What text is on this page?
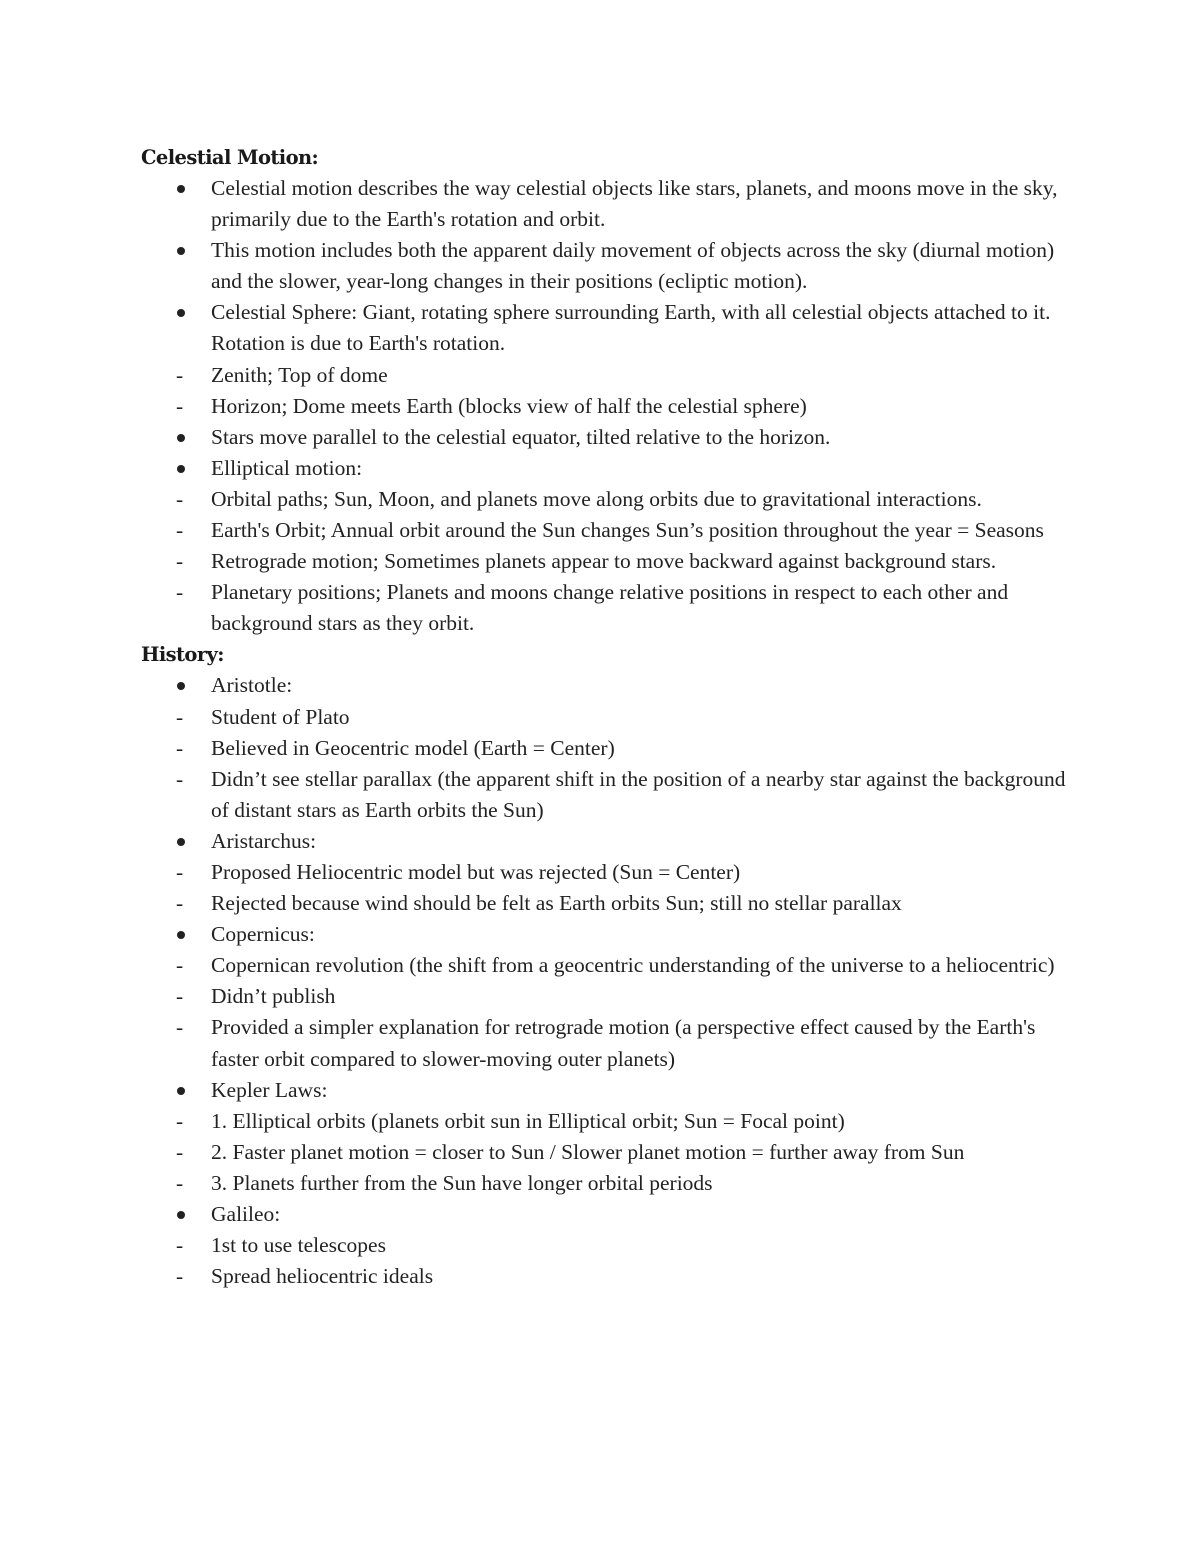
Celestial Motion:
Celestial motion describes the way celestial objects like stars, planets, and moons move in the sky, primarily due to the Earth's rotation and orbit.
This motion includes both the apparent daily movement of objects across the sky (diurnal motion) and the slower, year-long changes in their positions (ecliptic motion).
Celestial Sphere: Giant, rotating sphere surrounding Earth, with all celestial objects attached to it. Rotation is due to Earth's rotation.
-
Zenith; Top of dome
-
Horizon; Dome meets Earth (blocks view of half the celestial sphere)
Stars move parallel to the celestial equator, tilted relative to the horizon.
Elliptical motion:
-
Orbital paths; Sun, Moon, and planets move along orbits due to gravitational interactions.
-
Earth's Orbit; Annual orbit around the Sun changes Sun’s position throughout the year = Seasons
-
Retrograde motion; Sometimes planets appear to move backward against background stars.
-
Planetary positions; Planets and moons change relative positions in respect to each other and background stars as they orbit.
History:
Aristotle:
-
Student of Plato
-
Believed in Geocentric model (Earth = Center)
-
Didn’t see stellar parallax (the apparent shift in the position of a nearby star against the background of distant stars as Earth orbits the Sun)
Aristarchus:
-
Proposed Heliocentric model but was rejected (Sun = Center)
-
Rejected because wind should be felt as Earth orbits Sun; still no stellar parallax
Copernicus:
-
Copernican revolution (the shift from a geocentric understanding of the universe to a heliocentric)
-
Didn’t publish
-
Provided a simpler explanation for retrograde motion (a perspective effect caused by the Earth's faster orbit compared to slower-moving outer planets)
Kepler Laws:
-
1. Elliptical orbits (planets orbit sun in Elliptical orbit; Sun = Focal point)
-
2. Faster planet motion = closer to Sun / Slower planet motion = further away from Sun
-
3. Planets further from the Sun have longer orbital periods
Galileo:
-
1st to use telescopes
-
Spread heliocentric ideals
